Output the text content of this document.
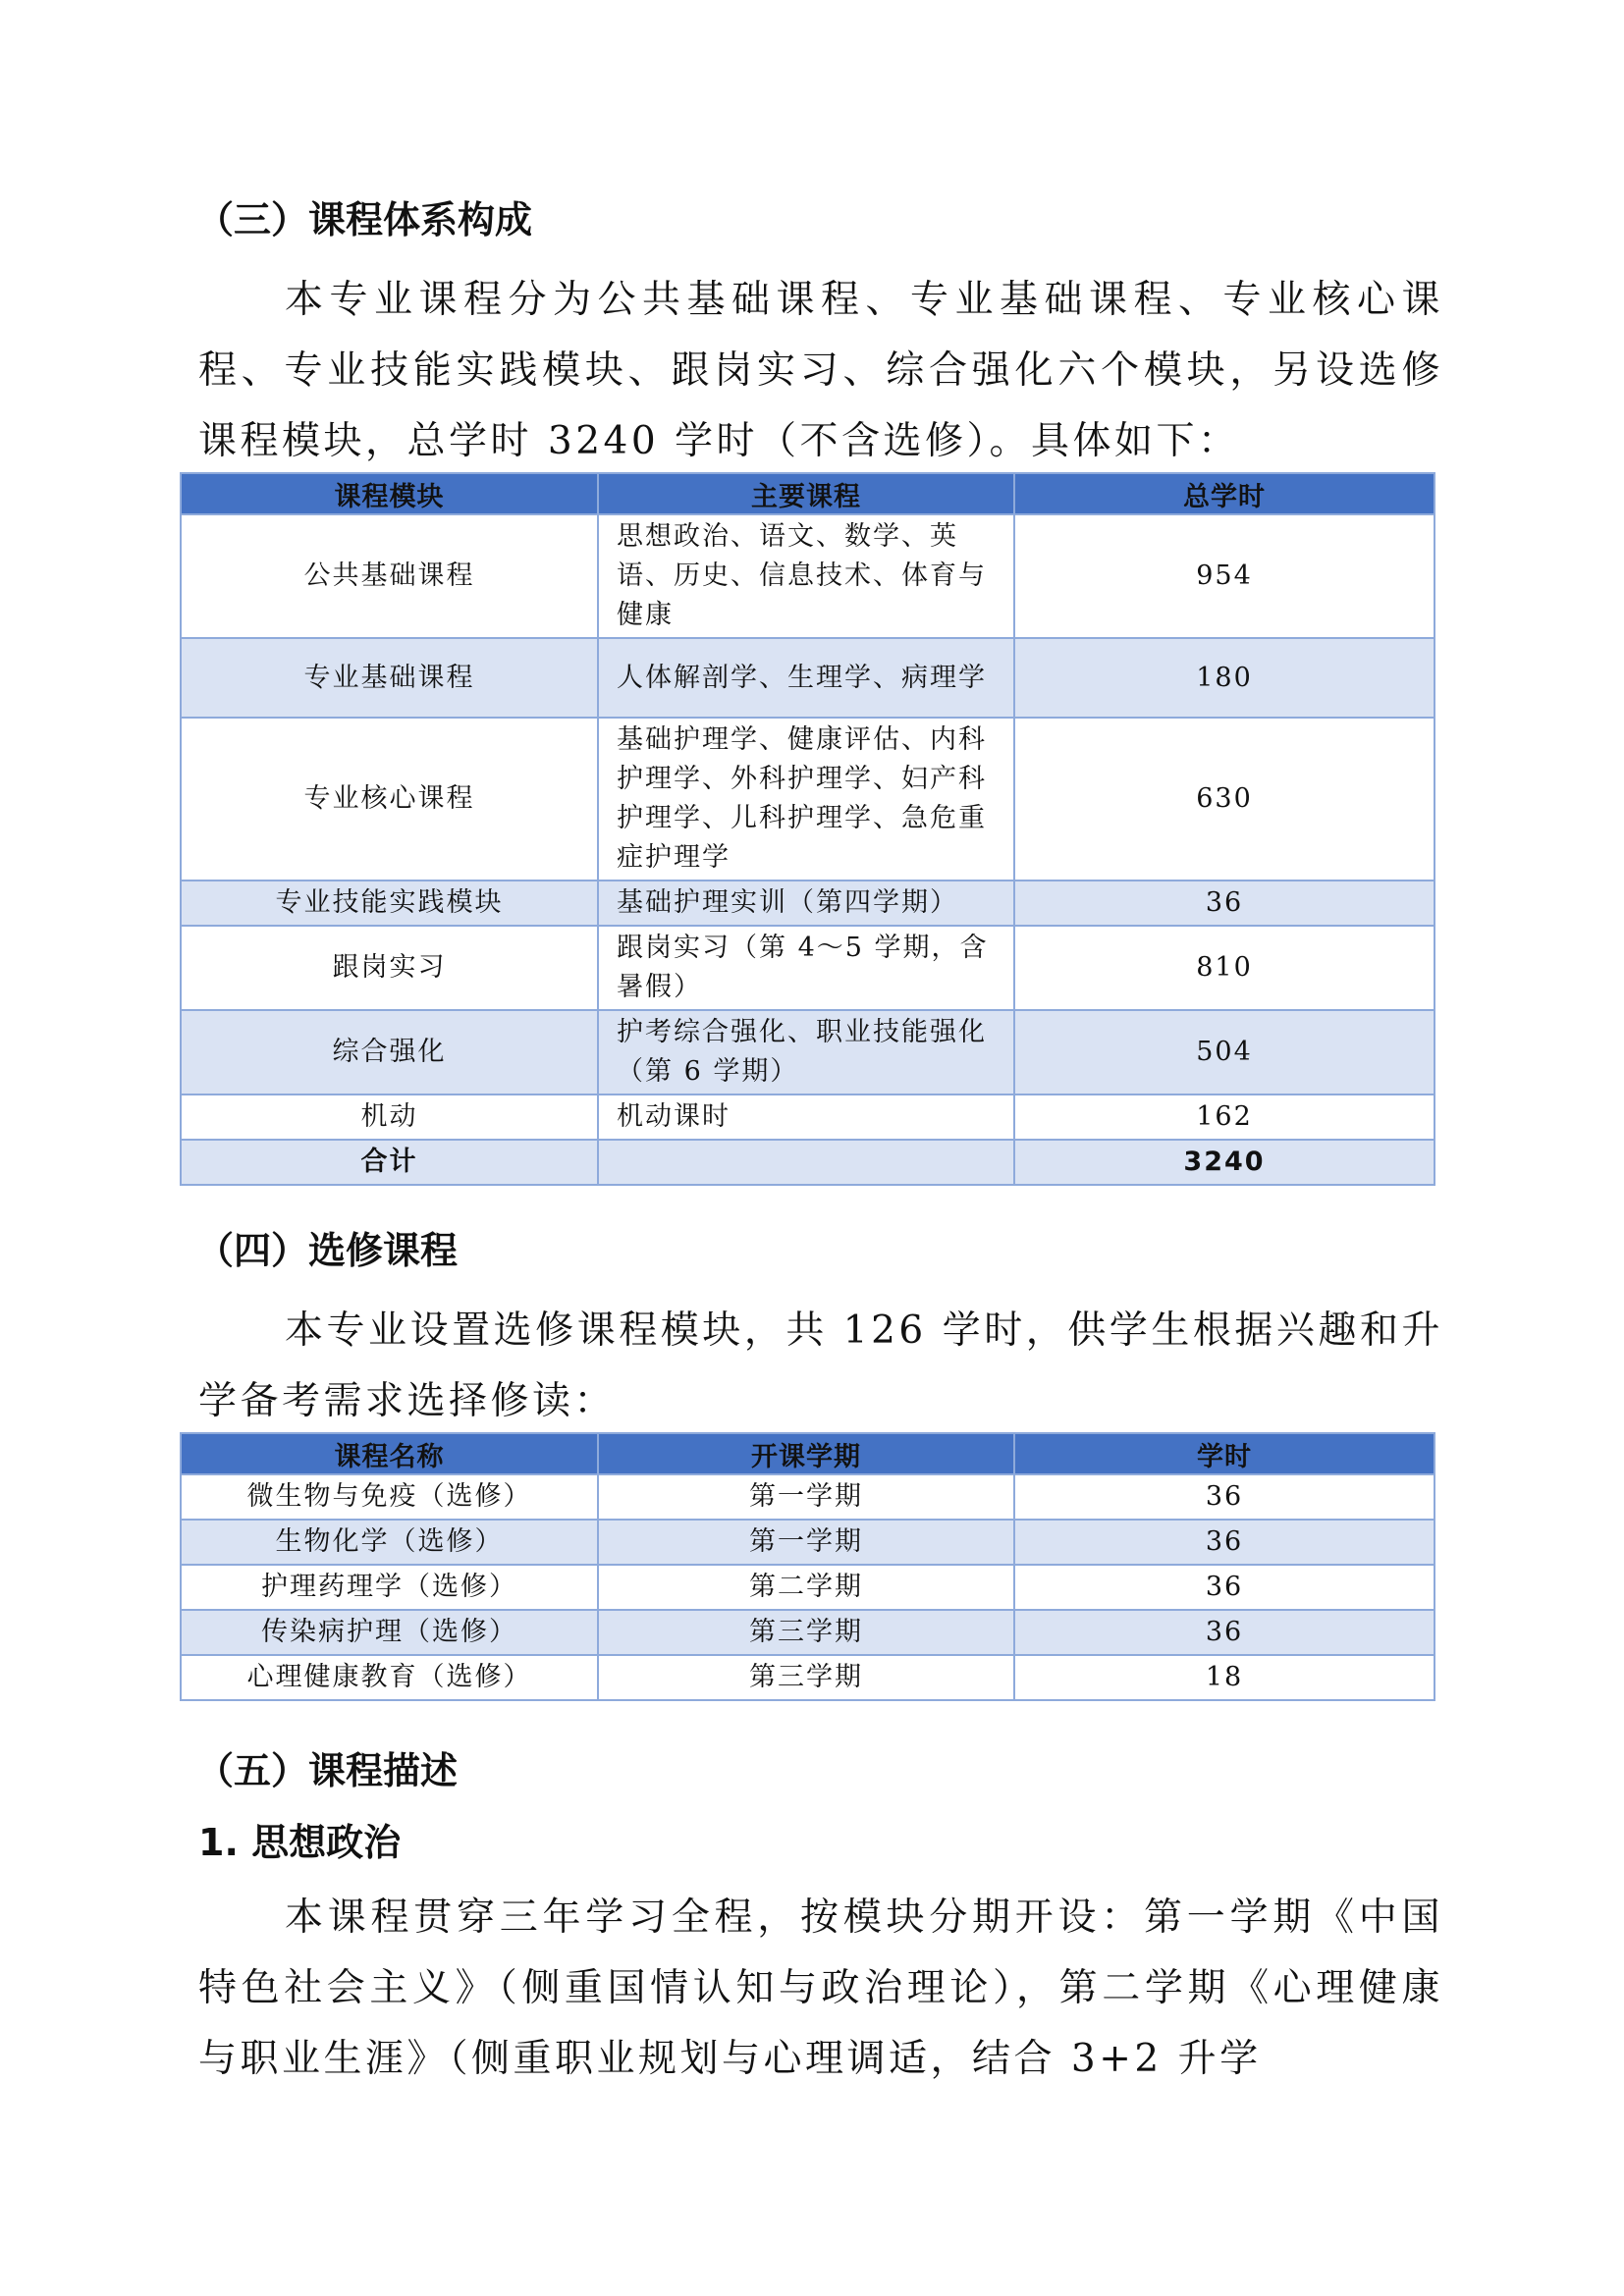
（三）课程体系构成

本专业课程分为公共基础课程、专业基础课程、专业核心课程、专业技能实践模块、跟岗实习、综合强化六个模块，另设选修课程模块，总学时 3240 学时（不含选修）。具体如下：

课程模块	主要课程	总学时
公共基础课程	思想政治、语文、数学、英语、历史、信息技术、体育与健康	954
专业基础课程	人体解剖学、生理学、病理学	180
专业核心课程	基础护理学、健康评估、内科护理学、外科护理学、妇产科护理学、儿科护理学、急危重症护理学	630
专业技能实践模块	基础护理实训（第四学期）	36
跟岗实习	跟岗实习（第 4～5 学期，含暑假）	810
综合强化	护考综合强化、职业技能强化（第 6 学期）	504
机动	机动课时	162
合计		3240
（四）选修课程

本专业设置选修课程模块，共 126 学时，供学生根据兴趣和升学备考需求选择修读：

课程名称	开课学期	学时
微生物与免疫（选修）	第一学期	36
生物化学（选修）	第一学期	36
护理药理学（选修）	第二学期	36
传染病护理（选修）	第三学期	36
心理健康教育（选修）	第三学期	18
（五）课程描述
1. 思想政治

本课程贯穿三年学习全程，按模块分期开设：第一学期《中国特色社会主义》（侧重国情认知与政治理论），第二学期《心理健康与职业生涯》（侧重职业规划与心理调适，结合 3+2 升学
